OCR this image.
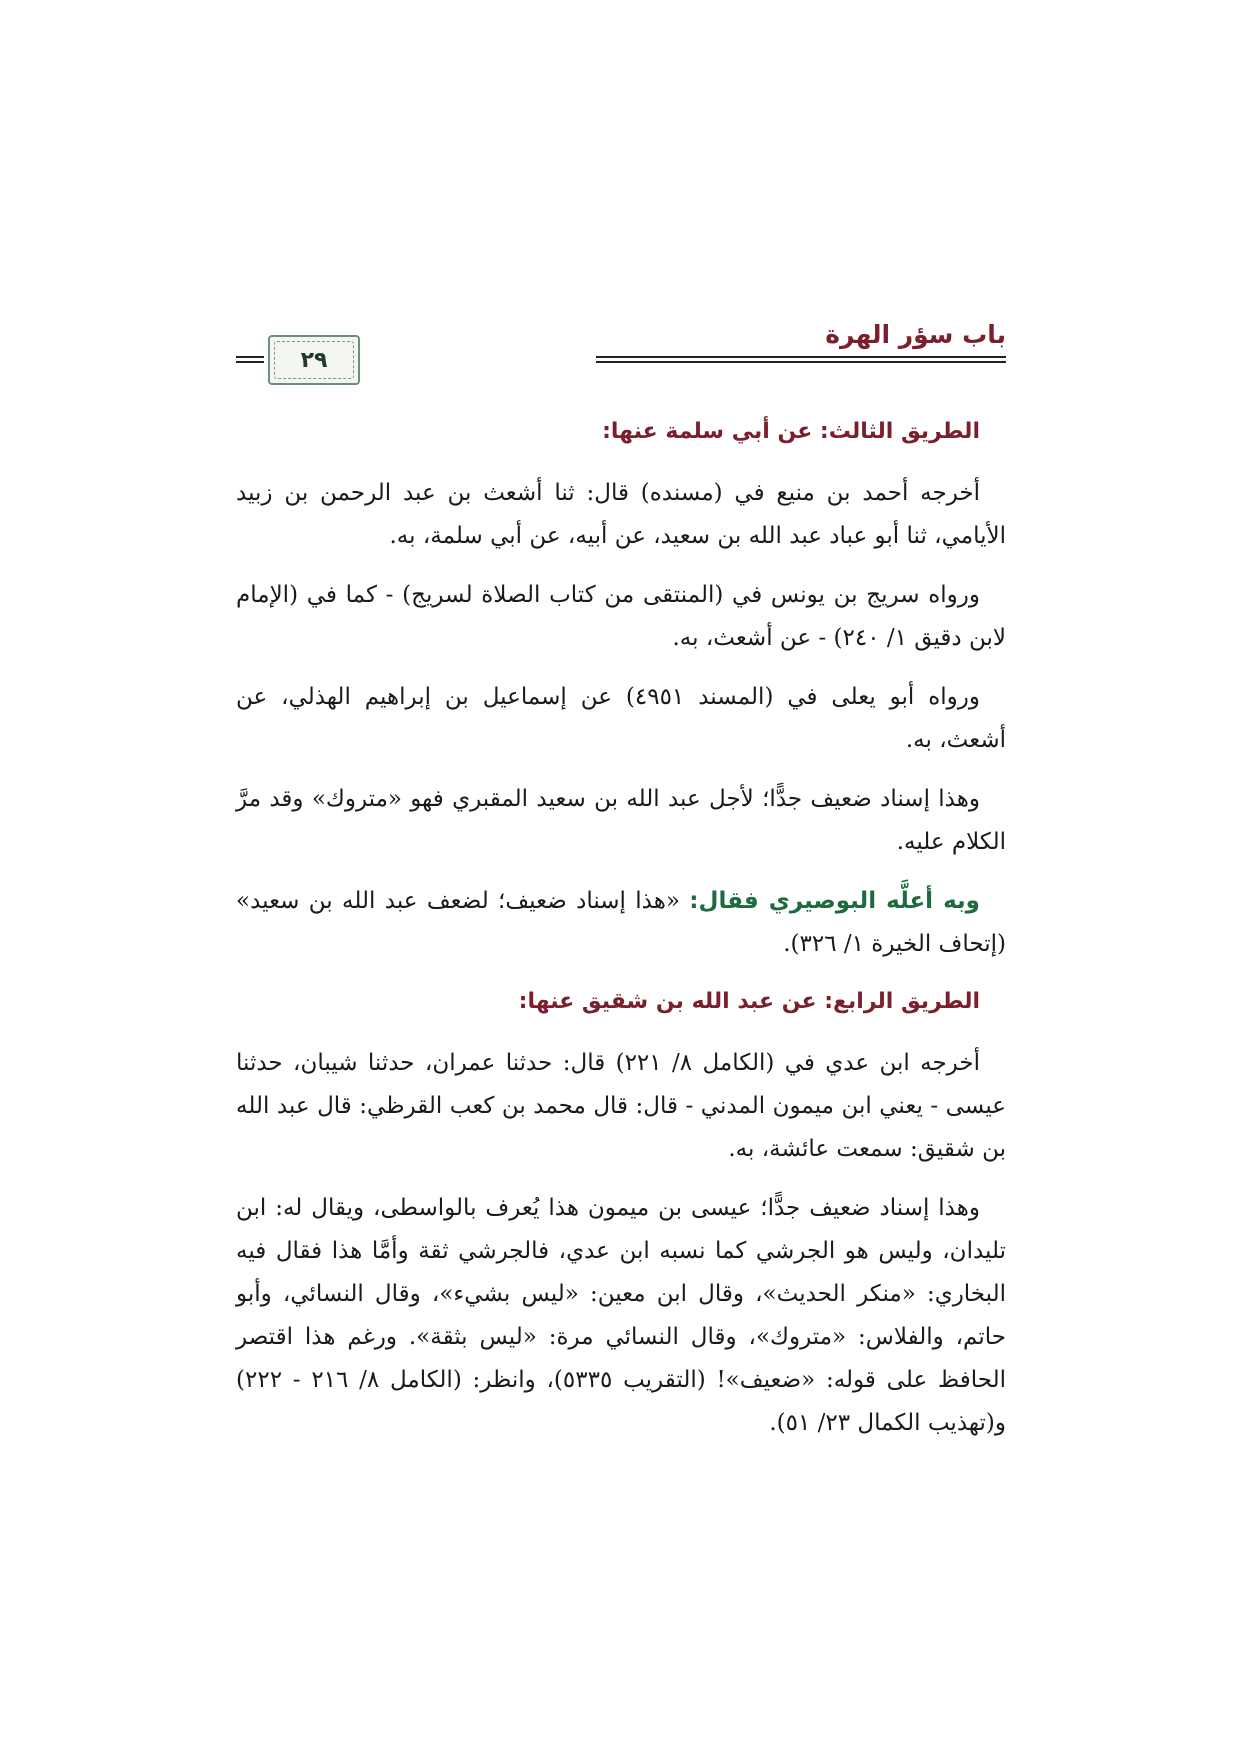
باب سؤر الهرة
٢٩
الطريق الثالث: عن أبي سلمة عنها:

أخرجه أحمد بن منيع في (مسنده) قال: ثنا أشعث بن عبد الرحمن بن زبيد الأيامي، ثنا أبو عباد عبد الله بن سعيد، عن أبيه، عن أبي سلمة، به.

ورواه سريج بن يونس في (المنتقى من كتاب الصلاة لسريج) - كما في (الإمام لابن دقيق ١/ ٢٤٠) - عن أشعث، به.

ورواه أبو يعلى في (المسند ٤٩٥١) عن إسماعيل بن إبراهيم الهذلي، عن أشعث، به.

وهذا إسناد ضعيف جدًّا؛ لأجل عبد الله بن سعيد المقبري فهو «متروك» وقد مرَّ الكلام عليه.

وبه أعلَّه البوصيري فقال: «هذا إسناد ضعيف؛ لضعف عبد الله بن سعيد» (إتحاف الخيرة ١/ ٣٢٦).

الطريق الرابع: عن عبد الله بن شقيق عنها:

أخرجه ابن عدي في (الكامل ٨/ ٢٢١) قال: حدثنا عمران، حدثنا شيبان، حدثنا عيسى - يعني ابن ميمون المدني - قال: قال محمد بن كعب القرظي: قال عبد الله بن شقيق: سمعت عائشة، به.

وهذا إسناد ضعيف جدًّا؛ عيسى بن ميمون هذا يُعرف بالواسطى، ويقال له: ابن تليدان، وليس هو الجرشي كما نسبه ابن عدي، فالجرشي ثقة وأمَّا هذا فقال فيه البخاري: «منكر الحديث»، وقال ابن معين: «ليس بشيء»، وقال النسائي، وأبو حاتم، والفلاس: «متروك»، وقال النسائي مرة: «ليس بثقة». ورغم هذا اقتصر الحافظ على قوله: «ضعيف»! (التقريب ٥٣٣٥)، وانظر: (الكامل ٨/ ٢١٦ - ٢٢٢) و(تهذيب الكمال ٢٣/ ٥١).
